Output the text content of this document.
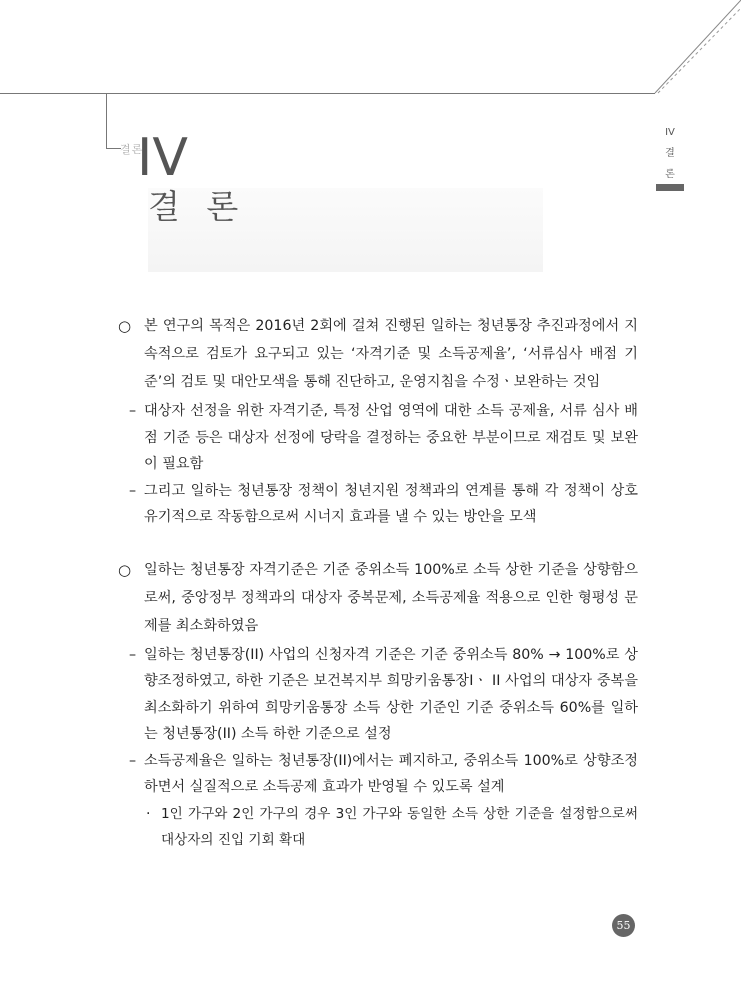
결론
IV
결 론
IV
결
론
○ 본 연구의 목적은 2016년 2회에 걸쳐 진행된 일하는 청년통장 추진과정에서 지속적으로 검토가 요구되고 있는 ‘자격기준 및 소득공제율’, ‘서류심사 배점 기준’의 검토 및 대안모색을 통해 진단하고, 운영지침을 수정ㆍ보완하는 것임

– 대상자 선정을 위한 자격기준, 특정 산업 영역에 대한 소득 공제율, 서류 심사 배점 기준 등은 대상자 선정에 당락을 결정하는 중요한 부분이므로 재검토 및 보완이 필요함

– 그리고 일하는 청년통장 정책이 청년지원 정책과의 연계를 통해 각 정책이 상호 유기적으로 작동함으로써 시너지 효과를 낼 수 있는 방안을 모색

○ 일하는 청년통장 자격기준은 기준 중위소득 100%로 소득 상한 기준을 상향함으로써, 중앙정부 정책과의 대상자 중복문제, 소득공제율 적용으로 인한 형평성 문제를 최소화하였음

– 일하는 청년통장(II) 사업의 신청자격 기준은 기준 중위소득 80% → 100%로 상향조정하였고, 하한 기준은 보건복지부 희망키움통장Ⅰㆍ II 사업의 대상자 중복을 최소화하기 위하여 희망키움통장 소득 상한 기준인 기준 중위소득 60%를 일하는 청년통장(II) 소득 하한 기준으로 설정

– 소득공제율은 일하는 청년통장(II)에서는 폐지하고, 중위소득 100%로 상향조정하면서 실질적으로 소득공제 효과가 반영될 수 있도록 설계

· 1인 가구와 2인 가구의 경우 3인 가구와 동일한 소득 상한 기준을 설정함으로써 대상자의 진입 기회 확대

55
